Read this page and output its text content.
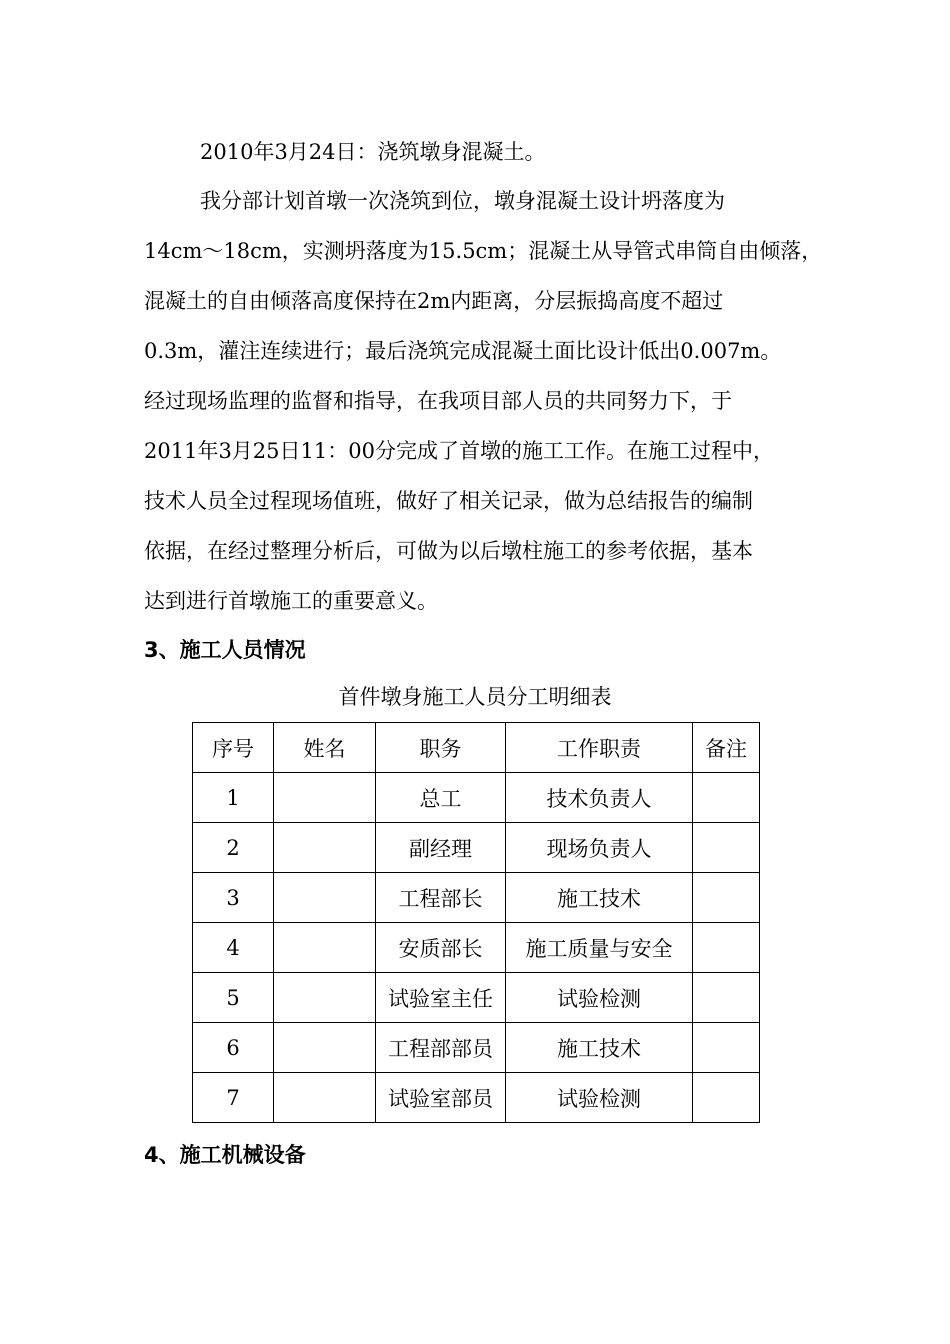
2010年3月24日：浇筑墩身混凝土。

我分部计划首墩一次浇筑到位，墩身混凝土设计坍落度为

14cm～18cm，实测坍落度为15.5cm；混凝土从导管式串筒自由倾落，

混凝土的自由倾落高度保持在2m内距离，分层振捣高度不超过

0.3m，灌注连续进行；最后浇筑完成混凝土面比设计低出0.007m。

经过现场监理的监督和指导，在我项目部人员的共同努力下，于

2011年3月25日11：00分完成了首墩的施工工作。在施工过程中，

技术人员全过程现场值班，做好了相关记录，做为总结报告的编制

依据，在经过整理分析后，可做为以后墩柱施工的参考依据，基本

达到进行首墩施工的重要意义。

3、施工人员情况

首件墩身施工人员分工明细表

序号	姓名	职务	工作职责	备注
1		总工	技术负责人	
2		副经理	现场负责人	
3		工程部长	施工技术	
4		安质部长	施工质量与安全	
5		试验室主任	试验检测	
6		工程部部员	施工技术	
7		试验室部员	试验检测	
4、施工机械设备
